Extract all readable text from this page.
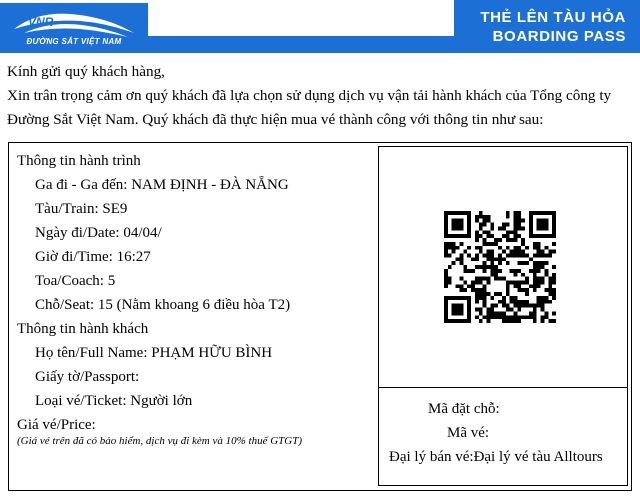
VNR
ĐƯỜNG SẮT VIỆT NAM
THẺ LÊN TÀU HỎA
BOARDING PASS
Kính gửi quý khách hàng,
Xin trân trọng cảm ơn quý khách đã lựa chọn sử dụng dịch vụ vận tải hành khách của Tổng công ty Đường Sắt Việt Nam. Quý khách đã thực hiện mua vé thành công với thông tin như sau:
Thông tin hành trình
Ga đi - Ga đến: NAM ĐỊNH - ĐÀ NẴNG
Tàu/Train: SE9
Ngày đi/Date: 04/04/
Giờ đi/Time: 16:27
Toa/Coach: 5
Chỗ/Seat: 15 (Nằm khoang 6 điều hòa T2)
Thông tin hành khách
Họ tên/Full Name: PHẠM HỮU BÌNH
Giấy tờ/Passport:
Loại vé/Ticket: Người lớn
Giá vé/Price:
(Giá vé trên đã có bảo hiểm, dịch vụ đi kèm và 10% thuế GTGT)
Mã đặt chỗ:
Mã vé:
Đại lý bán vé:Đại lý vé tàu Alltours
